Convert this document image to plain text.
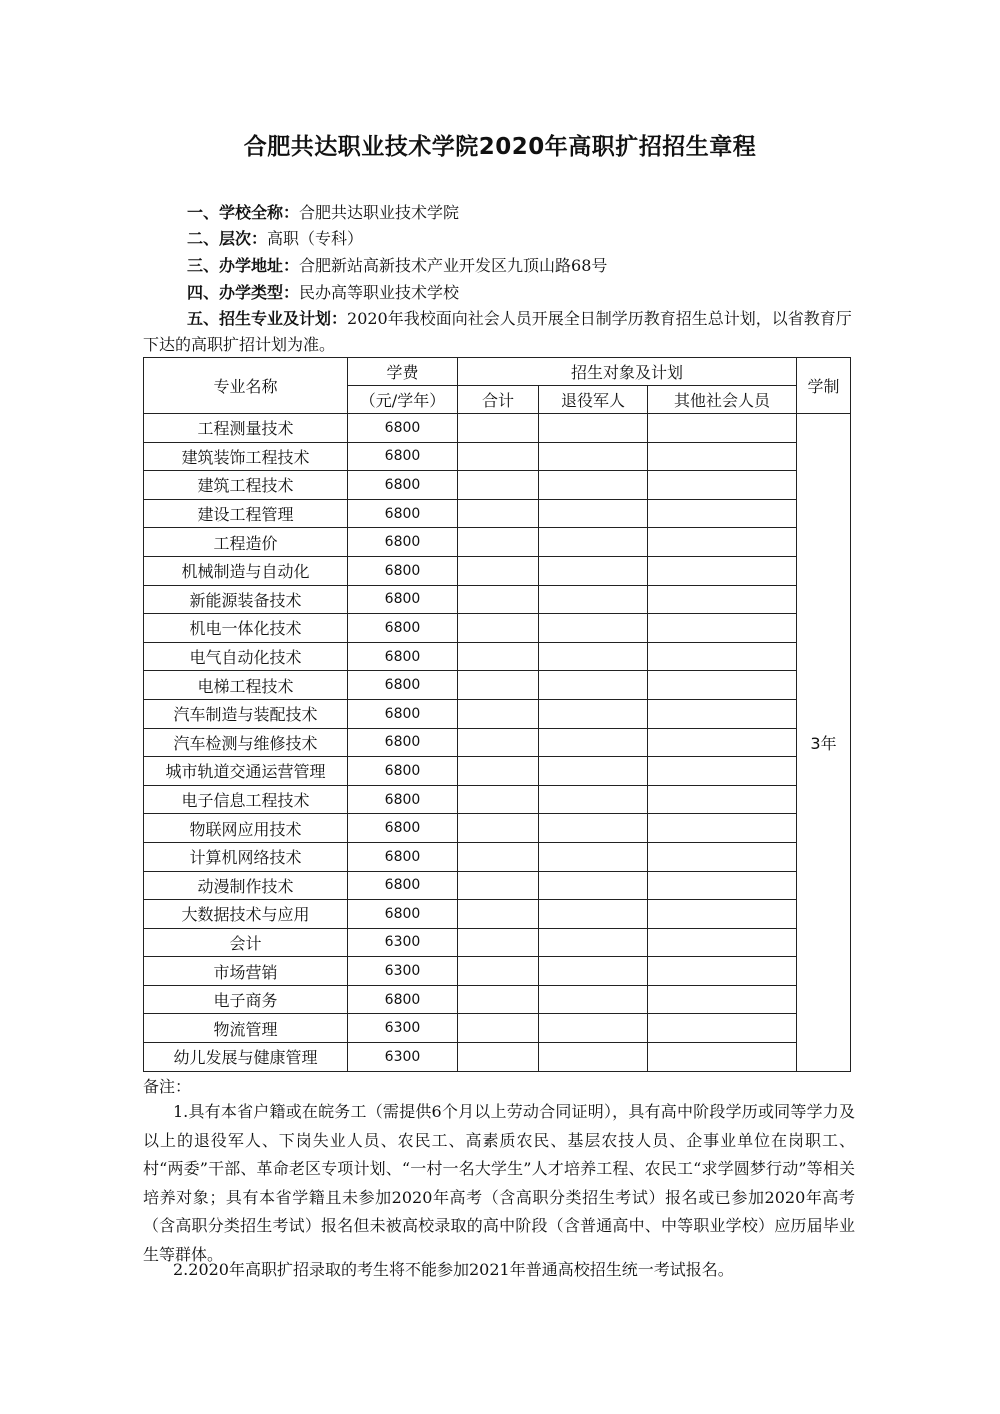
合肥共达职业技术学院2020年高职扩招招生章程
一、学校全称：合肥共达职业技术学院
二、层次：高职（专科）
三、办学地址：合肥新站高新技术产业开发区九顶山路68号
四、办学类型：民办高等职业技术学校
五、招生专业及计划：2020年我校面向社会人员开展全日制学历教育招生总计划，以省教育厅下达的高职扩招计划为准。
专业名称	学费	招生对象及计划			学制
	（元/学年）	合计	退役军人	其他社会人员	
工程测量技术	6800				3年
建筑装饰工程技术	6800				
建筑工程技术	6800				
建设工程管理	6800				
工程造价	6800				
机械制造与自动化	6800				
新能源装备技术	6800				
机电一体化技术	6800				
电气自动化技术	6800				
电梯工程技术	6800				
汽车制造与装配技术	6800				
汽车检测与维修技术	6800				
城市轨道交通运营管理	6800				
电子信息工程技术	6800				
物联网应用技术	6800				
计算机网络技术	6800				
动漫制作技术	6800				
大数据技术与应用	6800				
会计	6300				
市场营销	6300				
电子商务	6800				
物流管理	6300				
幼儿发展与健康管理	6300				
备注：
1.具有本省户籍或在皖务工（需提供6个月以上劳动合同证明），具有高中阶段学历或同等学力及以上的退役军人、下岗失业人员、农民工、高素质农民、基层农技人员、企事业单位在岗职工、村“两委”干部、革命老区专项计划、“一村一名大学生”人才培养工程、农民工“求学圆梦行动”等相关培养对象；具有本省学籍且未参加2020年高考（含高职分类招生考试）报名或已参加2020年高考（含高职分类招生考试）报名但未被高校录取的高中阶段（含普通高中、中等职业学校）应历届毕业生等群体。
2.2020年高职扩招录取的考生将不能参加2021年普通高校招生统一考试报名。
